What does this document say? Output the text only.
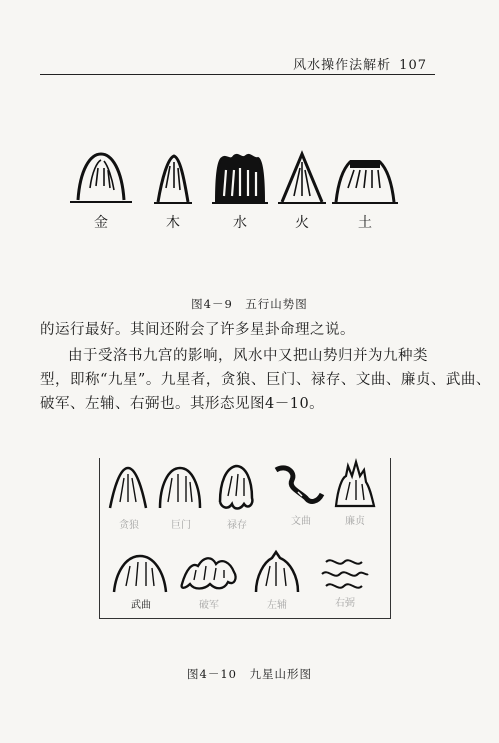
风水操作法解析 107
金	木	水	火	土
图4－9　五行山势图
的运行最好。其间还附会了许多星卦命理之说。
由于受洛书九宫的影响，风水中又把山势归并为九种类
型，即称“九星”。九星者，贪狼、巨门、禄存、文曲、廉贞、武曲、
破军、左辅、右弼也。其形态见图4－10。
贪狼	巨门	禄存	文曲	廉贞
武曲	破军	左辅	右弼
图4－10　九星山形图
